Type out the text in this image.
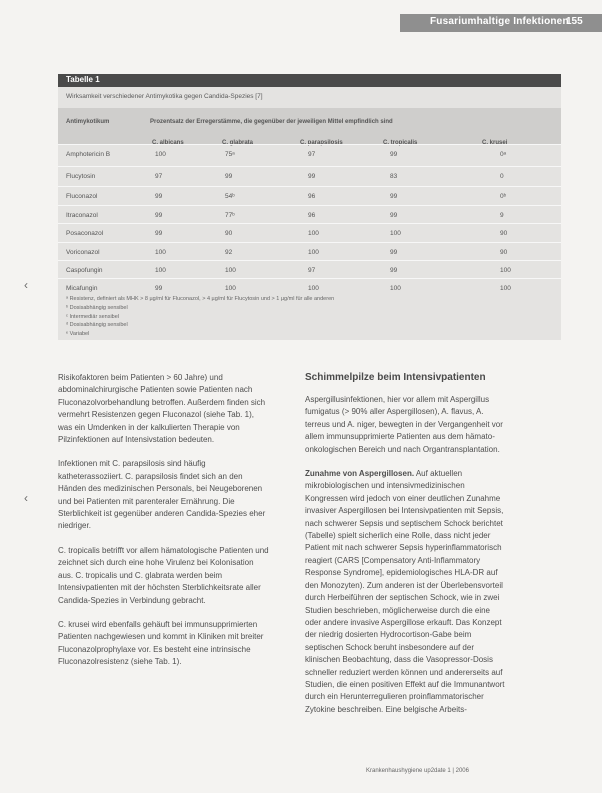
Fusariumhaltige Infektionen
155
Tabelle 1
Wirksamkeit verschiedener Antimykotika gegen Candida-Spezies [7]
Antimykotikum	Prozentsatz der Erregerstämme, die gegenüber der jeweiligen Mittel empfindlich sind
C. albicans	C. glabrata	C. parapsilosis	C. tropicalis	C. krusei
Amphotericin B	100	75ᵃ	97	99	0ᵃ
Flucytosin	97	99	99	83	0
Fluconazol	99	54ᵇ	96	99	0ᵇ
Itraconazol	99	77ᵇ	96	99	9
Posaconazol	99	90	100	100	90
Voriconazol	100	92	100	99	90
Caspofungin	100	100	97	99	100
Micafungin	99	100	100	100	100
ᵃ Resistenz, definiert als MHK > 8 µg/ml für Fluconazol, > 4 µg/ml für Flucytosin und > 1 µg/ml für alle anderen
ᵇ Dosisabhängig sensibel
ᶜ Intermediär sensibel
ᵈ Dosisabhängig sensibel
ᵉ Variabel
‹
‹

Risikofaktoren beim Patienten > 60 Jahre) und abdominalchirurgische Patienten sowie Patienten nach Fluconazolvorbehandlung betroffen. Außerdem finden sich vermehrt Resistenzen gegen Fluconazol (siehe Tab. 1), was ein Umdenken in der kalkulierten Therapie von Pilzinfektionen auf Intensivstation bedeuten.

Infektionen mit C. parapsilosis sind häufig katheterassoziiert. C. parapsilosis findet sich an den Händen des medizinischen Personals, bei Neugeborenen und bei Patienten mit parenteraler Ernährung. Die Sterblichkeit ist gegenüber anderen Candida-Spezies eher niedriger.

C. tropicalis betrifft vor allem hämatologische Patienten und zeichnet sich durch eine hohe Virulenz bei Kolonisation aus. C. tropicalis und C. glabrata werden beim Intensivpatienten mit der höchsten Sterblichkeitsrate aller Candida-Spezies in Verbindung gebracht.

C. krusei wird ebenfalls gehäuft bei immunsupprimierten Patienten nachgewiesen und kommt in Kliniken mit breiter Fluconazolprophylaxe vor. Es besteht eine intrinsische Fluconazolresistenz (siehe Tab. 1).

Schimmelpilze beim Intensivpatienten

Aspergillusinfektionen, hier vor allem mit Aspergillus fumigatus (> 90% aller Aspergillosen), A. flavus, A. terreus und A. niger, bewegten in der Vergangenheit vor allem immunsupprimierte Patienten aus dem hämato-onkologischen Bereich und nach Organtransplantation.

Zunahme von Aspergillosen. Auf aktuellen mikrobiologischen und intensivmedizinischen Kongressen wird jedoch von einer deutlichen Zunahme invasiver Aspergillosen bei Intensivpatienten mit Sepsis, nach schwerer Sepsis und septischem Schock berichtet (Tabelle) spielt sicherlich eine Rolle, dass nicht jeder Patient mit nach schwerer Sepsis hyperinflammatorisch reagiert (CARS [Compensatory Anti-Inflammatory Response Syndrome], epidemiologisches HLA-DR auf den Monozyten). Zum anderen ist der Überlebensvorteil durch Herbeiführen der septischen Schock, wie in zwei Studien beschrieben, möglicherweise durch die eine oder andere invasive Aspergillose erkauft. Das Konzept der niedrig dosierten Hydrocortison-Gabe beim septischen Schock beruht insbesondere auf der klinischen Beobachtung, dass die Vasopressor-Dosis schneller reduziert werden können und andererseits auf Studien, die einen positiven Effekt auf die Immunantwort durch ein Herunterregulieren proinflammatorischer Zytokine beschreiben. Eine belgische Arbeits-

Krankenhaushygiene up2date 1 | 2006
